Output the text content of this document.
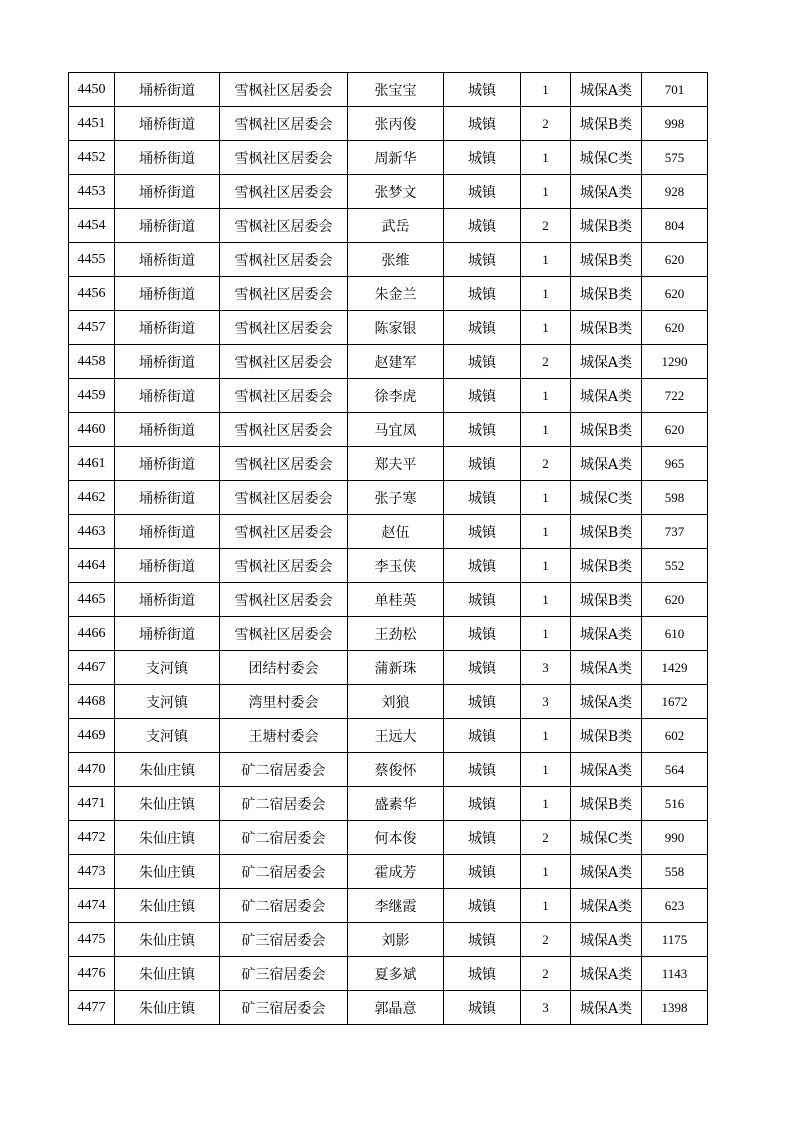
4450	埇桥街道	雪枫社区居委会	张宝宝	城镇	1	城保A类	701
4451	埇桥街道	雪枫社区居委会	张丙俊	城镇	2	城保B类	998
4452	埇桥街道	雪枫社区居委会	周新华	城镇	1	城保C类	575
4453	埇桥街道	雪枫社区居委会	张梦文	城镇	1	城保A类	928
4454	埇桥街道	雪枫社区居委会	武岳	城镇	2	城保B类	804
4455	埇桥街道	雪枫社区居委会	张维	城镇	1	城保B类	620
4456	埇桥街道	雪枫社区居委会	朱金兰	城镇	1	城保B类	620
4457	埇桥街道	雪枫社区居委会	陈家银	城镇	1	城保B类	620
4458	埇桥街道	雪枫社区居委会	赵建军	城镇	2	城保A类	1290
4459	埇桥街道	雪枫社区居委会	徐李虎	城镇	1	城保A类	722
4460	埇桥街道	雪枫社区居委会	马宜凤	城镇	1	城保B类	620
4461	埇桥街道	雪枫社区居委会	郑夫平	城镇	2	城保A类	965
4462	埇桥街道	雪枫社区居委会	张子寒	城镇	1	城保C类	598
4463	埇桥街道	雪枫社区居委会	赵伍	城镇	1	城保B类	737
4464	埇桥街道	雪枫社区居委会	李玉侠	城镇	1	城保B类	552
4465	埇桥街道	雪枫社区居委会	单桂英	城镇	1	城保B类	620
4466	埇桥街道	雪枫社区居委会	王劲松	城镇	1	城保A类	610
4467	支河镇	团结村委会	蒲新珠	城镇	3	城保A类	1429
4468	支河镇	湾里村委会	刘狼	城镇	3	城保A类	1672
4469	支河镇	王塘村委会	王远大	城镇	1	城保B类	602
4470	朱仙庄镇	矿二宿居委会	蔡俊怀	城镇	1	城保A类	564
4471	朱仙庄镇	矿二宿居委会	盛素华	城镇	1	城保B类	516
4472	朱仙庄镇	矿二宿居委会	何本俊	城镇	2	城保C类	990
4473	朱仙庄镇	矿二宿居委会	霍成芳	城镇	1	城保A类	558
4474	朱仙庄镇	矿二宿居委会	李继霞	城镇	1	城保A类	623
4475	朱仙庄镇	矿三宿居委会	刘影	城镇	2	城保A类	1175
4476	朱仙庄镇	矿三宿居委会	夏多斌	城镇	2	城保A类	1143
4477	朱仙庄镇	矿三宿居委会	郭晶意	城镇	3	城保A类	1398
